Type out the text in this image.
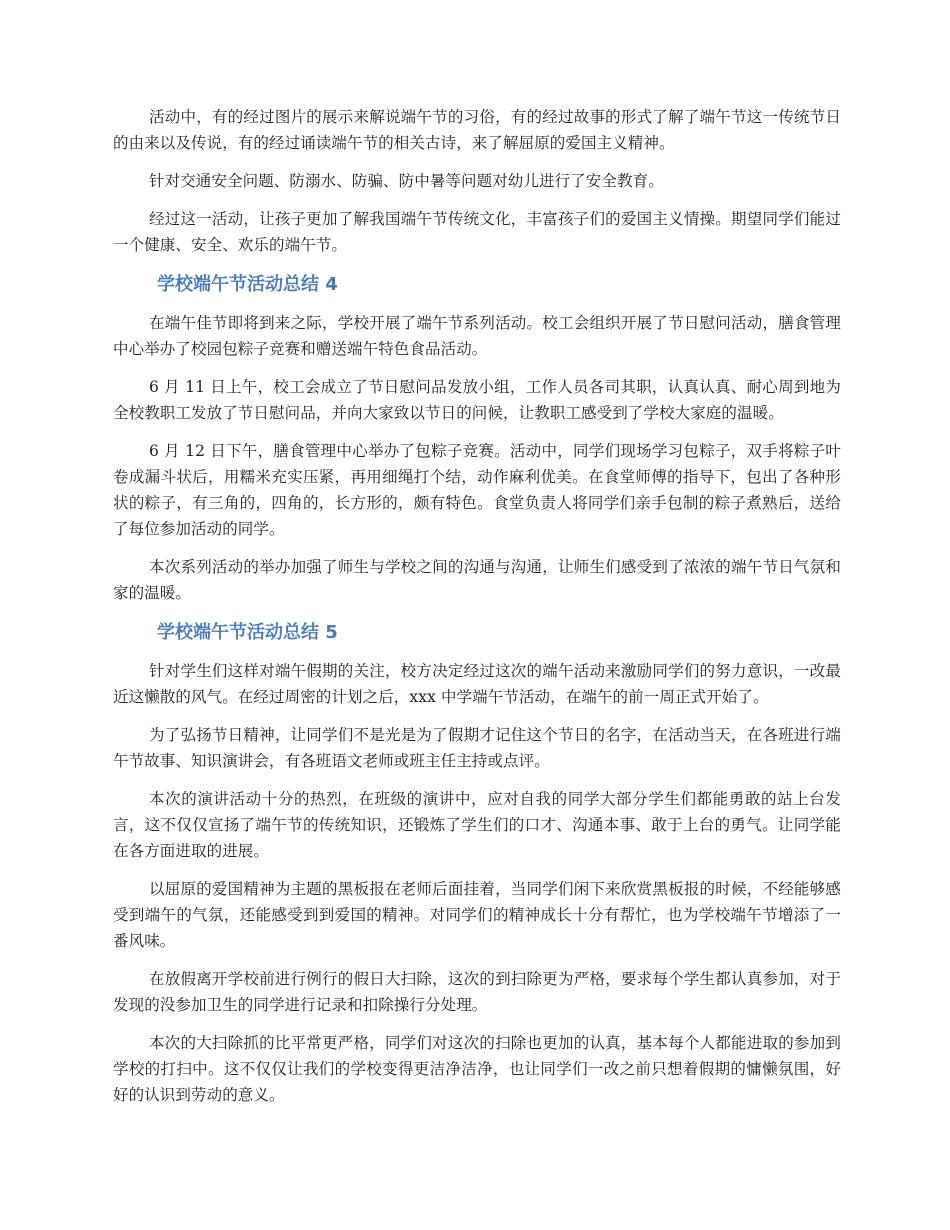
活动中，有的经过图片的展示来解说端午节的习俗，有的经过故事的形式了解了端午节这一传统节日的由来以及传说，有的经过诵读端午节的相关古诗，来了解屈原的爱国主义精神。

针对交通安全问题、防溺水、防骗、防中暑等问题对幼儿进行了安全教育。

经过这一活动，让孩子更加了解我国端午节传统文化，丰富孩子们的爱国主义情操。期望同学们能过一个健康、安全、欢乐的端午节。

学校端午节活动总结 4

在端午佳节即将到来之际，学校开展了端午节系列活动。校工会组织开展了节日慰问活动，膳食管理中心举办了校园包粽子竞赛和赠送端午特色食品活动。

6 月 11 日上午，校工会成立了节日慰问品发放小组，工作人员各司其职，认真认真、耐心周到地为全校教职工发放了节日慰问品，并向大家致以节日的问候，让教职工感受到了学校大家庭的温暖。

6 月 12 日下午，膳食管理中心举办了包粽子竞赛。活动中，同学们现场学习包粽子，双手将粽子叶卷成漏斗状后，用糯米充实压紧，再用细绳打个结，动作麻利优美。在食堂师傅的指导下，包出了各种形状的粽子，有三角的，四角的，长方形的，颇有特色。食堂负责人将同学们亲手包制的粽子煮熟后，送给了每位参加活动的同学。

本次系列活动的举办加强了师生与学校之间的沟通与沟通，让师生们感受到了浓浓的端午节日气氛和家的温暖。

学校端午节活动总结 5

针对学生们这样对端午假期的关注，校方决定经过这次的端午活动来激励同学们的努力意识，一改最近这懒散的风气。在经过周密的计划之后，xxx 中学端午节活动，在端午的前一周正式开始了。

为了弘扬节日精神，让同学们不是光是为了假期才记住这个节日的名字，在活动当天，在各班进行端午节故事、知识演讲会，有各班语文老师或班主任主持或点评。

本次的演讲活动十分的热烈，在班级的演讲中，应对自我的同学大部分学生们都能勇敢的站上台发言，这不仅仅宣扬了端午节的传统知识，还锻炼了学生们的口才、沟通本事、敢于上台的勇气。让同学能在各方面进取的进展。

以屈原的爱国精神为主题的黑板报在老师后面挂着，当同学们闲下来欣赏黑板报的时候，不经能够感受到端午的气氛，还能感受到到爱国的精神。对同学们的精神成长十分有帮忙，也为学校端午节增添了一番风味。

在放假离开学校前进行例行的假日大扫除，这次的到扫除更为严格，要求每个学生都认真参加，对于发现的没参加卫生的同学进行记录和扣除操行分处理。

本次的大扫除抓的比平常更严格，同学们对这次的扫除也更加的认真，基本每个人都能进取的参加到学校的打扫中。这不仅仅让我们的学校变得更洁净洁净，也让同学们一改之前只想着假期的慵懒氛围，好好的认识到劳动的意义。
